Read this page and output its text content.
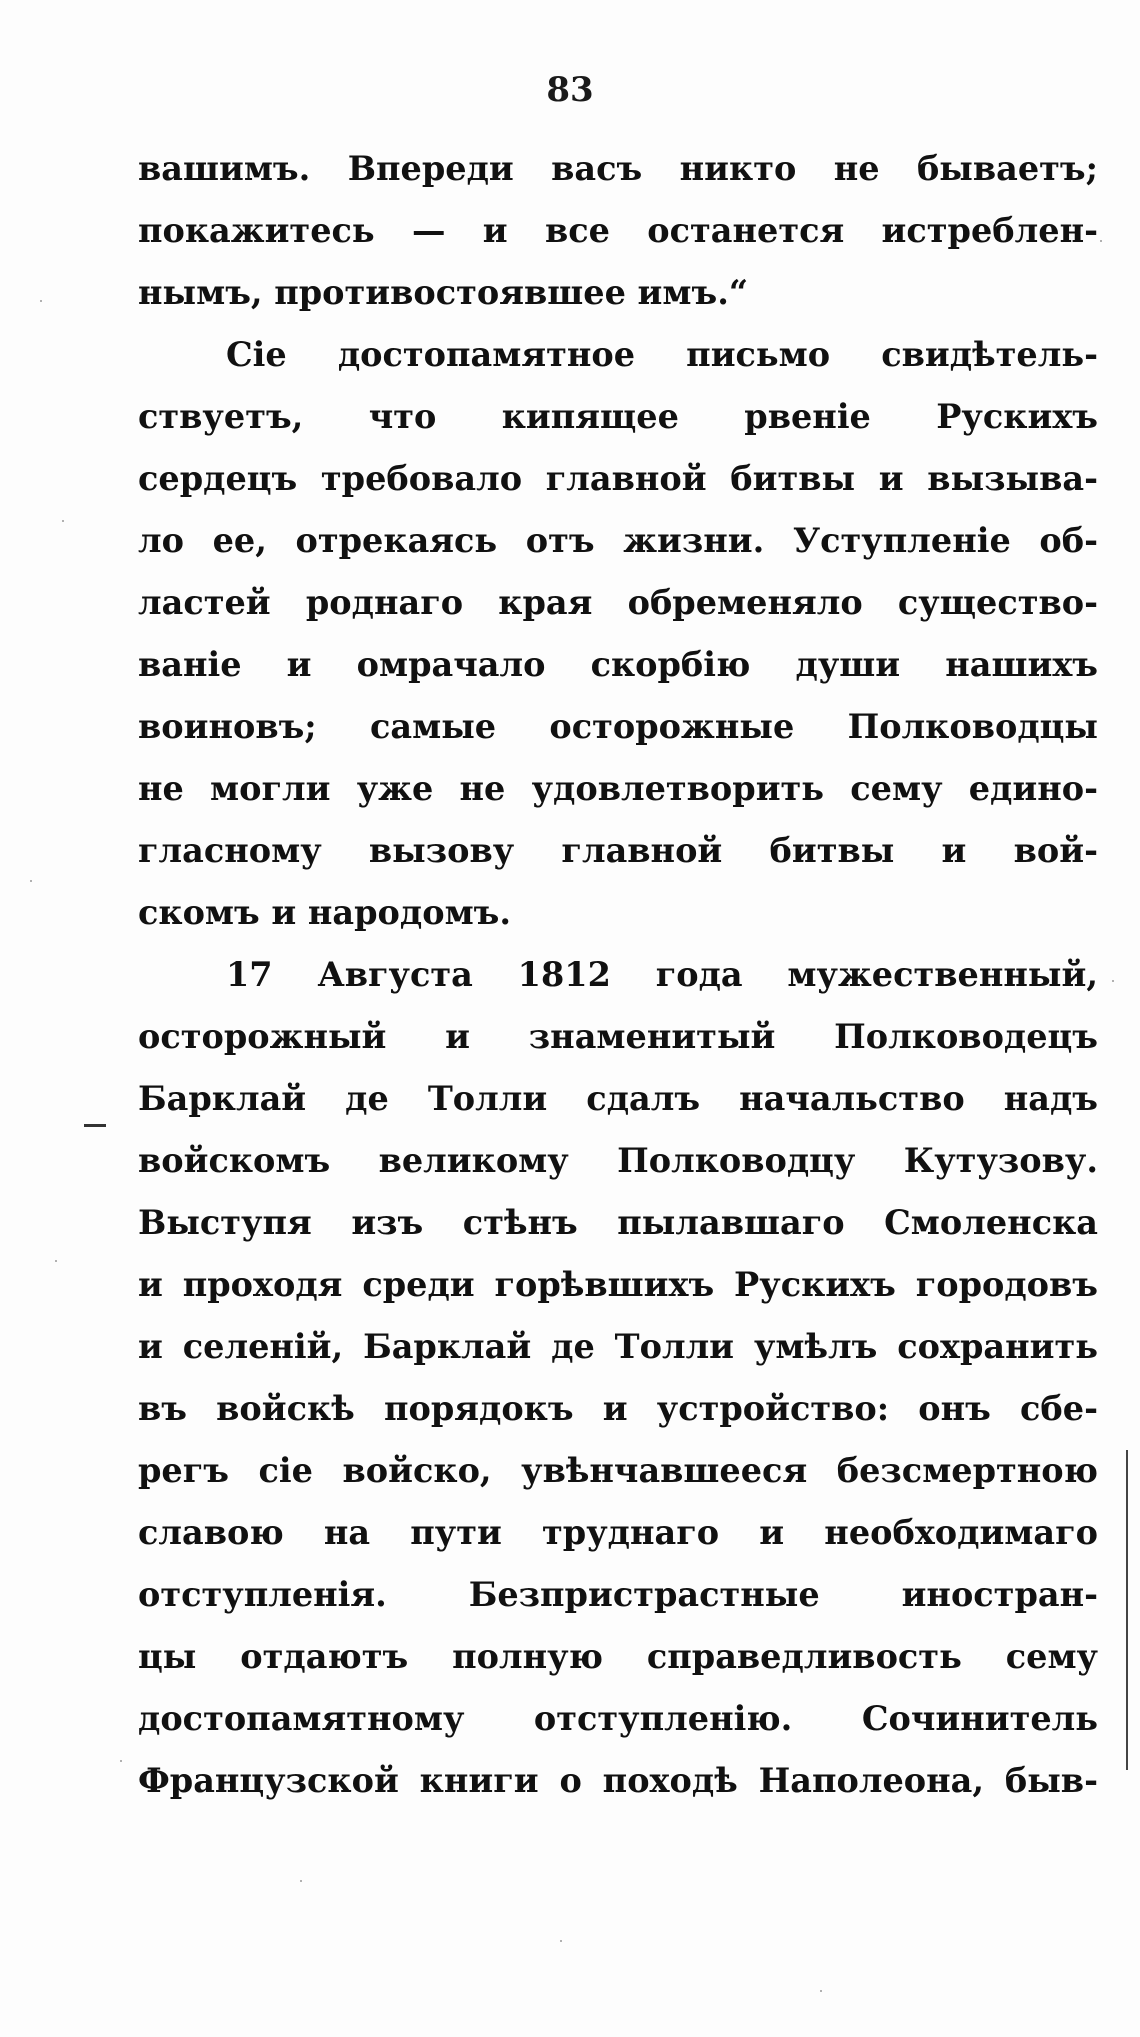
83
вашимъ. Впереди васъ никто не бываетъ;
покажитесь — и все останется истреблен-
нымъ, противостоявшее имъ.“
Сіе достопамятное письмо свидѣтель-
ствуетъ, что кипящее рвеніе Рускихъ
сердецъ требовало главной битвы и вызыва-
ло ее, отрекаясь отъ жизни. Уступленіе об-
ластей роднаго края обременяло существо-
ваніе и омрачало скорбію души нашихъ
воиновъ; самые осторожные Полководцы
не могли уже не удовлетворить сему едино-
гласному вызову главной битвы и вой-
скомъ и народомъ.
17 Августа 1812 года мужественный,
осторожный и знаменитый Полководецъ
Барклай де Толли сдалъ начальство надъ
войскомъ великому Полководцу Кутузову.
Выступя изъ стѣнъ пылавшаго Смоленска
и проходя среди горѣвшихъ Рускихъ городовъ
и селеній, Барклай де Толли умѣлъ сохранить
въ войскѣ порядокъ и устройство: онъ сбе-
регъ сіе войско, увѣнчавшееся безсмертною
славою на пути труднаго и необходимаго
отступленія. Безпристрастные иностран-
цы отдаютъ полную справедливость сему
достопамятному отступленію. Сочинитель
Французской книги о походѣ Наполеона, быв-
